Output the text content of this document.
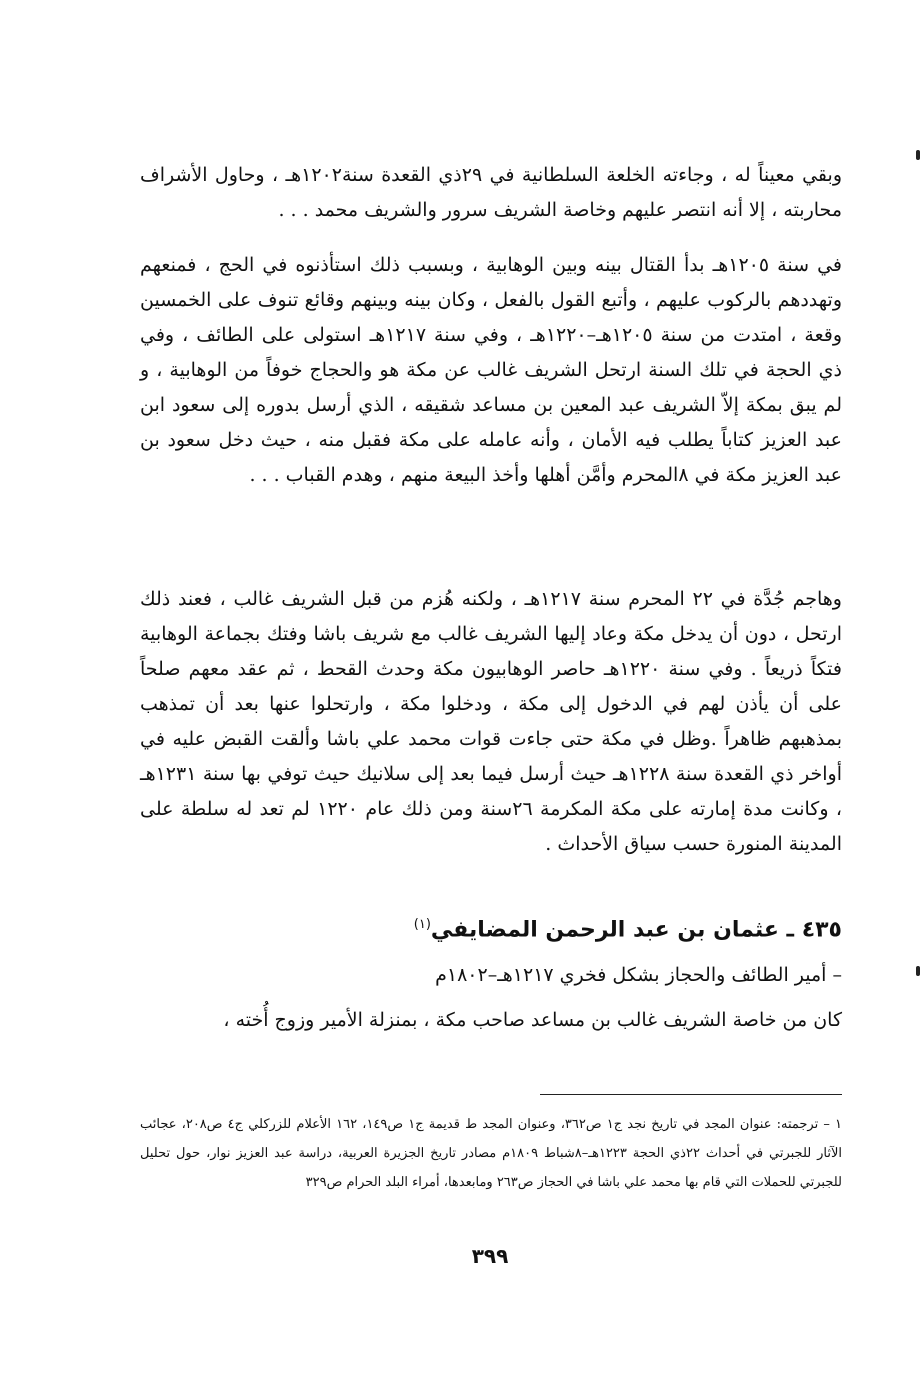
وبقي معيناً له ، وجاءته الخلعة السلطانية في ٢٩ذي القعدة سنة١٢٠٢هـ ، وحاول الأشراف محاربته ، إلا أنه انتصر عليهم وخاصة الشريف سرور والشريف محمد . . .

في سنة ١٢٠٥هـ بدأ القتال بينه وبين الوهابية ، وبسبب ذلك استأذنوه في الحج ، فمنعهم وتهددهم بالركوب عليهم ، وأتبع القول بالفعل ، وكان بينه وبينهم وقائع تنوف على الخمسين وقعة ، امتدت من سنة ١٢٠٥هـ–١٢٢٠هـ ، وفي سنة ١٢١٧هـ استولى على الطائف ، وفي ذي الحجة في تلك السنة ارتحل الشريف غالب عن مكة هو والحجاج خوفاً من الوهابية ، و لم يبق بمكة إلاّ الشريف عبد المعين بن مساعد شقيقه ، الذي أرسل بدوره إلى سعود ابن عبد العزيز كتاباً يطلب فيه الأمان ، وأنه عامله على مكة فقبل منه ، حيث دخل سعود بن عبد العزيز مكة في ٨المحرم وأمَّن أهلها وأخذ البيعة منهم ، وهدم القباب . . .

وهاجم جُدَّة في ٢٢ المحرم سنة ١٢١٧هـ ، ولكنه هُزم من قبل الشريف غالب ، فعند ذلك ارتحل ، دون أن يدخل مكة وعاد إليها الشريف غالب مع شريف باشا وفتك بجماعة الوهابية فتكاً ذريعاً . وفي سنة ١٢٢٠هـ حاصر الوهابيون مكة وحدث القحط ، ثم عقد معهم صلحاً على أن يأذن لهم في الدخول إلى مكة ، ودخلوا مكة ، وارتحلوا عنها بعد أن تمذهب بمذهبهم ظاهراً .وظل في مكة حتى جاءت قوات محمد علي باشا وألقت القبض عليه في أواخر ذي القعدة سنة ١٢٢٨هـ حيث أرسل فيما بعد إلى سلانيك حيث توفي بها سنة ١٢٣١هـ ، وكانت مدة إمارته على مكة المكرمة ٢٦سنة ومن ذلك عام ١٢٢٠ لم تعد له سلطة على المدينة المنورة حسب سياق الأحداث .

٤٣٥ ـ عثمان بن عبد الرحمن المضايفي$^{(١)}$
– أمير الطائف والحجاز بشكل فخري ١٢١٧هـ–١٨٠٢م
كان من خاصة الشريف غالب بن مساعد صاحب مكة ، بمنزلة الأمير وزوج أُخته ،
١ – ترجمته: عنوان المجد في تاريخ نجد ج١ ص٣٦٢، وعنوان المجد ط قديمة ج١ ص١٤٩، ١٦٢ الأعلام للزركلي ج٤ ص٢٠٨، عجائب الآثار للجبرتي في أحداث ٢٢ذي الحجة ١٢٢٣هـ–٨شباط ١٨٠٩م مصادر تاريخ الجزيرة العربية، دراسة عبد العزيز نوار، حول تحليل للجبرتي للحملات التي قام بها محمد علي باشا في الحجاز ص٢٦٣ ومابعدها، أمراء البلد الحرام ص٣٢٩
٣٩٩
